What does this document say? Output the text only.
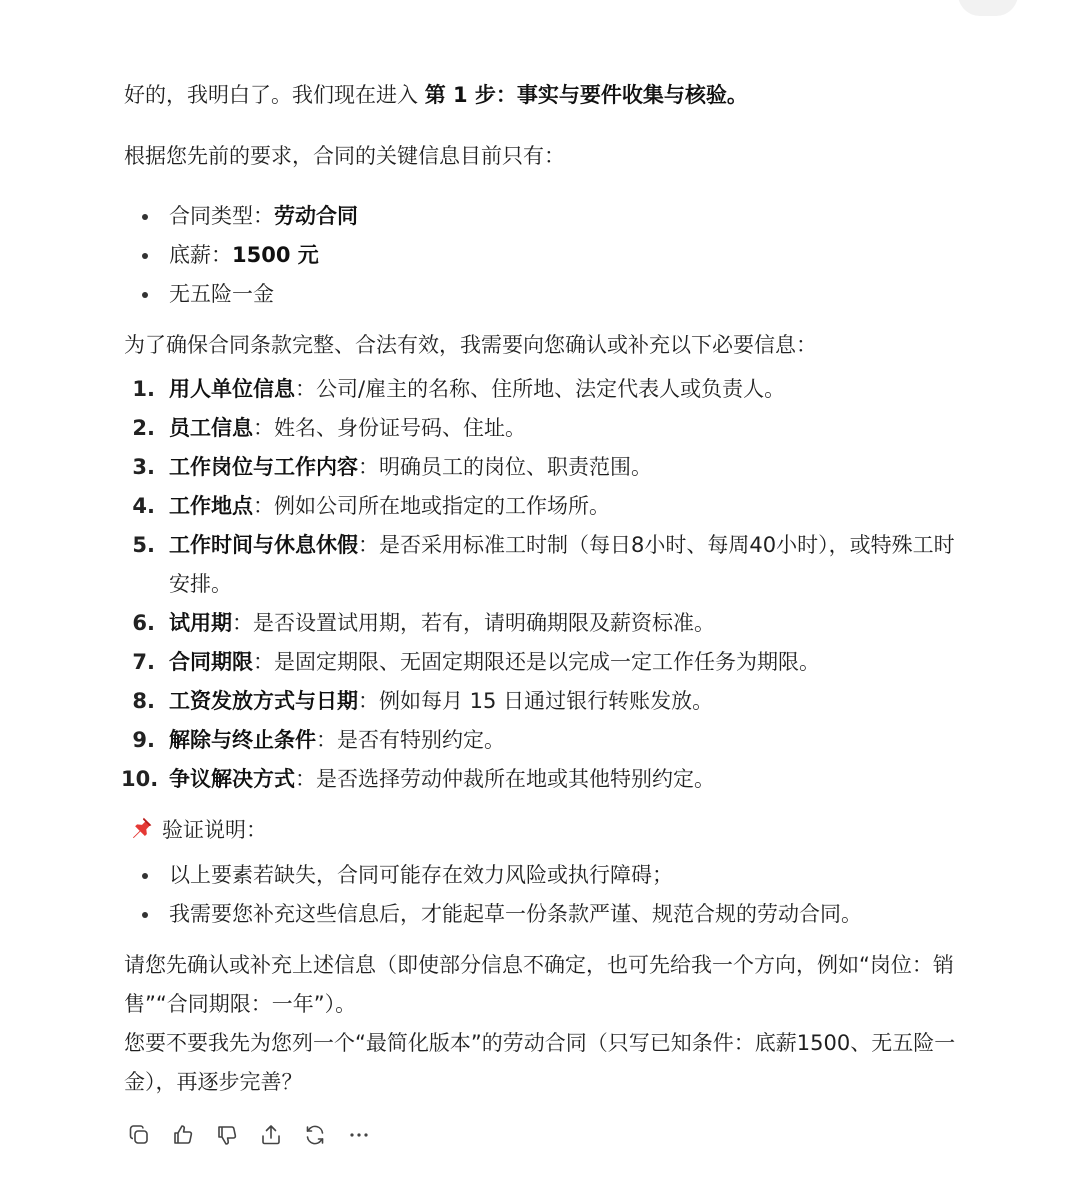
好的，我明白了。我们现在进入 第 1 步：事实与要件收集与核验。
根据您先前的要求，合同的关键信息目前只有：
合同类型：劳动合同
底薪：1500 元
无五险一金
为了确保合同条款完整、合法有效，我需要向您确认或补充以下必要信息：
1. 用人单位信息：公司/雇主的名称、住所地、法定代表人或负责人。
2. 员工信息：姓名、身份证号码、住址。
3. 工作岗位与工作内容：明确员工的岗位、职责范围。
4. 工作地点：例如公司所在地或指定的工作场所。
5. 工作时间与休息休假：是否采用标准工时制（每日8小时、每周40小时），或特殊工时
安排。
6. 试用期：是否设置试用期，若有，请明确期限及薪资标准。
7. 合同期限：是固定期限、无固定期限还是以完成一定工作任务为期限。
8. 工资发放方式与日期：例如每月 15 日通过银行转账发放。
9. 解除与终止条件：是否有特别约定。
10. 争议解决方式：是否选择劳动仲裁所在地或其他特别约定。
验证说明：
以上要素若缺失，合同可能存在效力风险或执行障碍；
我需要您补充这些信息后，才能起草一份条款严谨、规范合规的劳动合同。
请您先确认或补充上述信息（即使部分信息不确定，也可先给我一个方向，例如“岗位：销
售”“合同期限：一年”）。
您要不要我先为您列一个“最简化版本”的劳动合同（只写已知条件：底薪1500、无五险一
金），再逐步完善？
